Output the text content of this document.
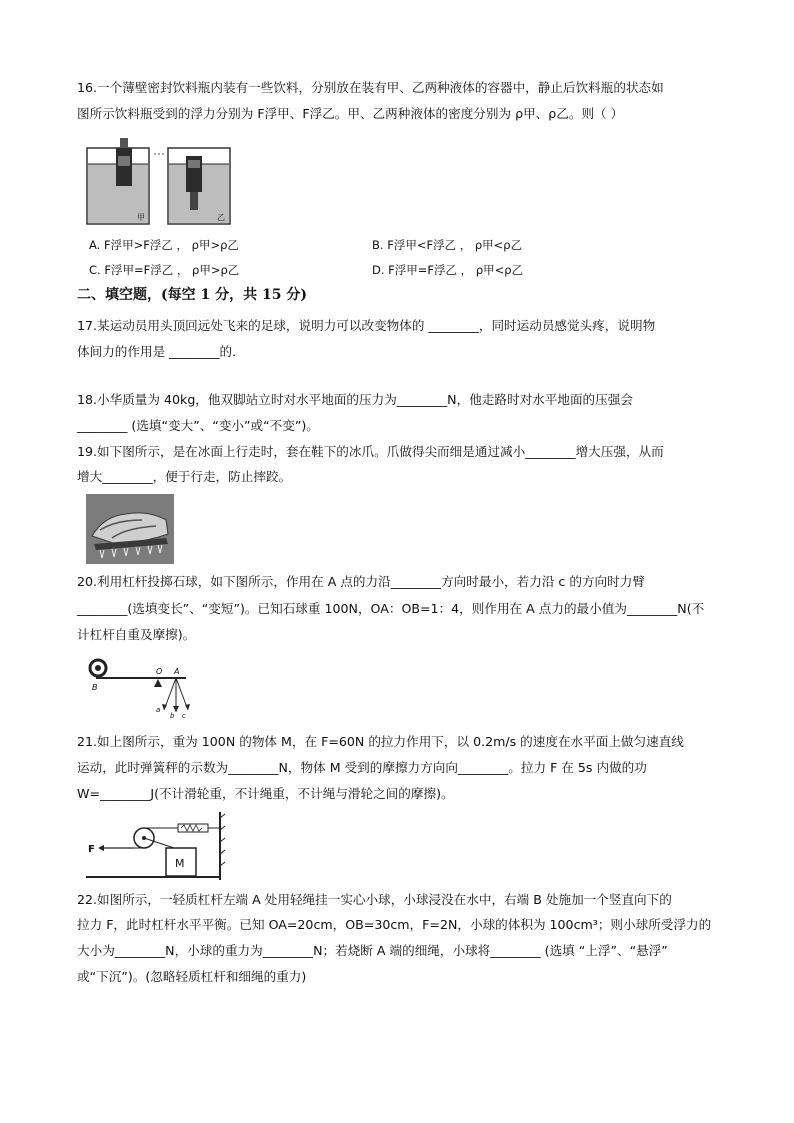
16.一个薄壁密封饮料瓶内装有一些饮料，分别放在装有甲、乙两种液体的容器中，静止后饮料瓶的状态如
图所示饮料瓶受到的浮力分别为 F浮甲、F浮乙。甲、乙两种液体的密度分别为 ρ甲、ρ乙。则（ ）
甲	乙
A. F浮甲>F浮乙 ， ρ甲>ρ乙	B. F浮甲<F浮乙 ， ρ甲<ρ乙
C. F浮甲=F浮乙 ， ρ甲>ρ乙	D. F浮甲=F浮乙 ， ρ甲<ρ乙
二、填空题，(每空 1 分，共 15 分)
17.某运动员用头顶回远处飞来的足球，说明力可以改变物体的 ________，同时运动员感觉头疼，说明物
体间力的作用是 ________的.
18.小华质量为 40kg，他双脚站立时对水平地面的压力为________N，他走路时对水平地面的压强会
________ (选填“变大”、“变小”或“不变”)。
19.如下图所示，是在冰面上行走时，套在鞋下的冰爪。爪做得尖而细是通过减小________增大压强，从而
增大________，便于行走，防止摔跤。
20.利用杠杆投掷石球，如下图所示，作用在 A 点的力沿________方向时最小，若力沿 c 的方向时力臂
________(选填变长”、“变短”)。已知石球重 100N，OA：OB=1：4，则作用在 A 点力的最小值为________N(不
计杠杆自重及摩擦)。
B
O A
a
b c
21.如上图所示，重为 100N 的物体 M，在 F=60N 的拉力作用下，以 0.2m/s 的速度在水平面上做匀速直线
运动，此时弹簧秤的示数为________N，物体 M 受到的摩擦力方向向________。拉力 F 在 5s 内做的功
W=________J(不计滑轮重，不计绳重，不计绳与滑轮之间的摩擦)。
M
F
22.如图所示，一轻质杠杆左端 A 处用轻绳挂一实心小球，小球浸没在水中，右端 B 处施加一个竖直向下的
拉力 F，此时杠杆水平平衡。已知 OA=20cm，OB=30cm，F=2N，小球的体积为 100cm³；则小球所受浮力的
大小为________N，小球的重力为________N；若烧断 A 端的细绳，小球将________ (选填 “上浮”、“悬浮”
或“下沉”)。(忽略轻质杠杆和细绳的重力)
